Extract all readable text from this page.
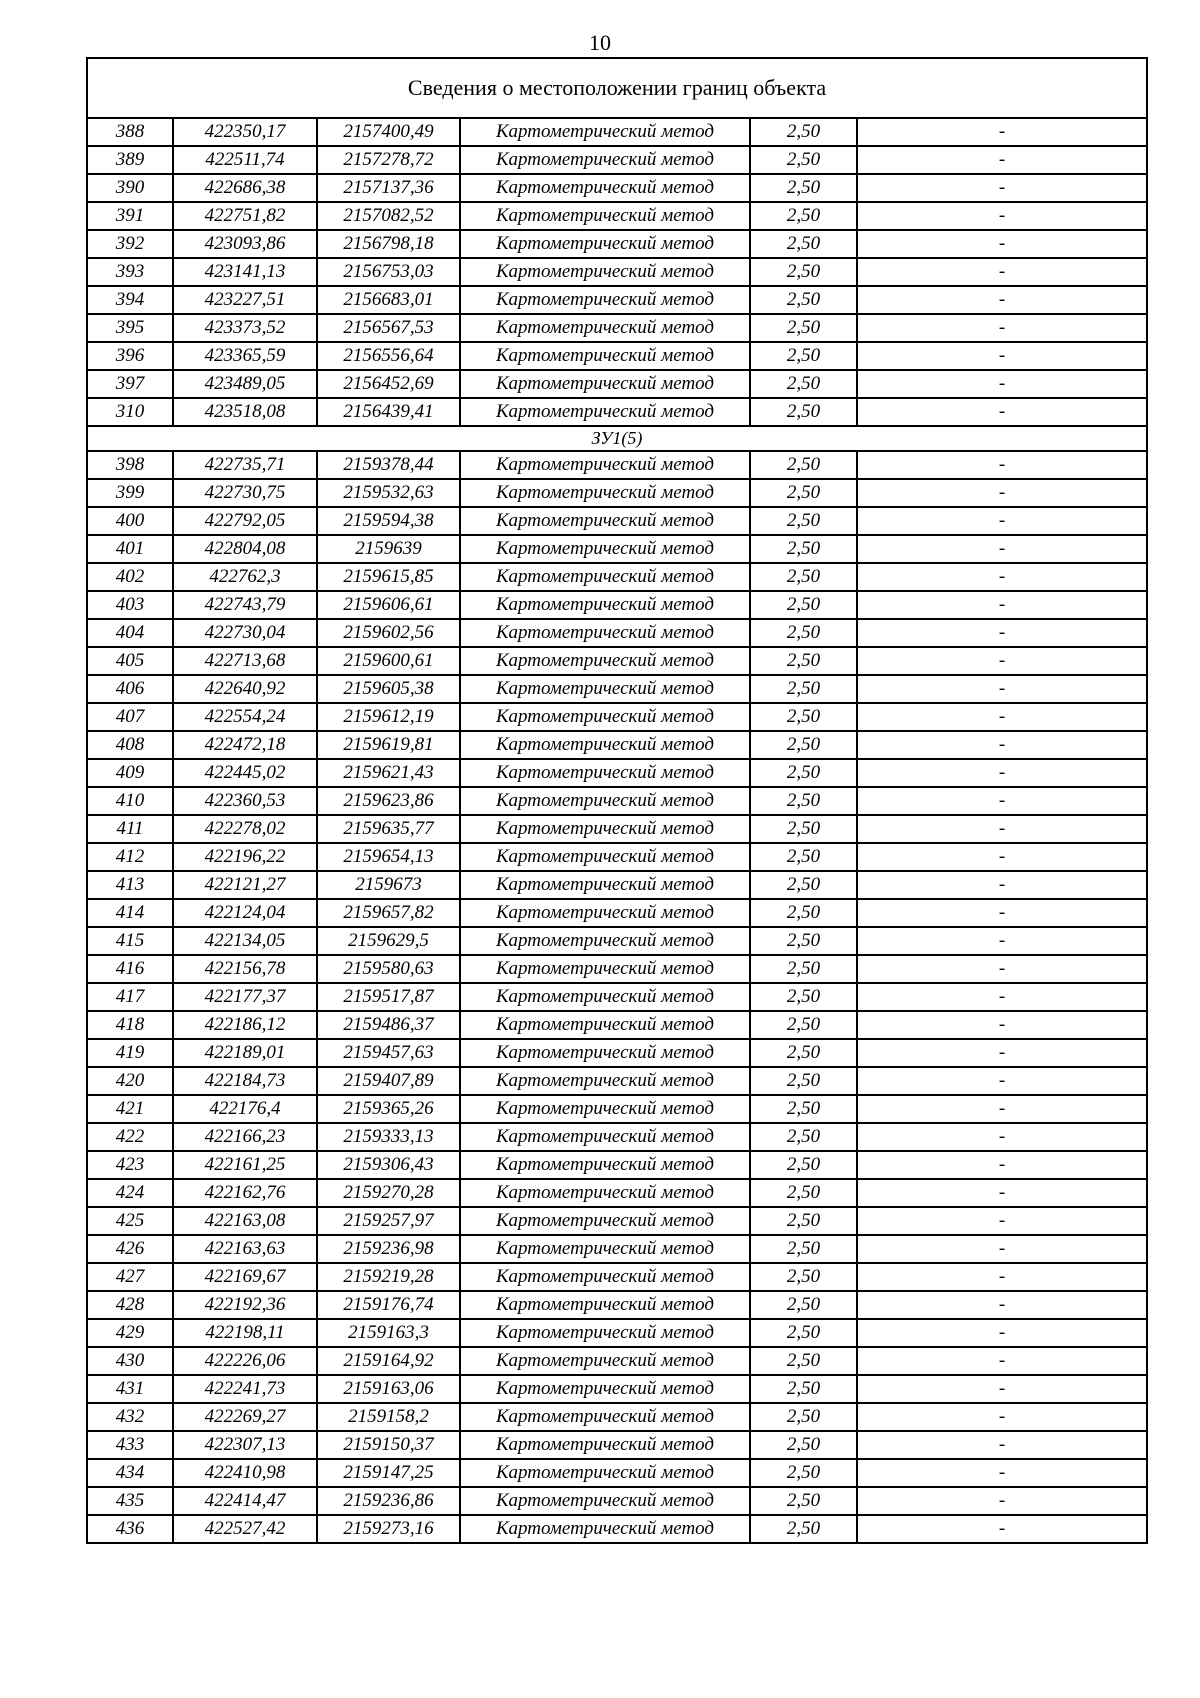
10
Сведения о местоположении границ объекта					
388	422350,17	2157400,49	Картометрический метод	2,50	-
389	422511,74	2157278,72	Картометрический метод	2,50	-
390	422686,38	2157137,36	Картометрический метод	2,50	-
391	422751,82	2157082,52	Картометрический метод	2,50	-
392	423093,86	2156798,18	Картометрический метод	2,50	-
393	423141,13	2156753,03	Картометрический метод	2,50	-
394	423227,51	2156683,01	Картометрический метод	2,50	-
395	423373,52	2156567,53	Картометрический метод	2,50	-
396	423365,59	2156556,64	Картометрический метод	2,50	-
397	423489,05	2156452,69	Картометрический метод	2,50	-
310	423518,08	2156439,41	Картометрический метод	2,50	-
ЗУ1(5)					
398	422735,71	2159378,44	Картометрический метод	2,50	-
399	422730,75	2159532,63	Картометрический метод	2,50	-
400	422792,05	2159594,38	Картометрический метод	2,50	-
401	422804,08	2159639	Картометрический метод	2,50	-
402	422762,3	2159615,85	Картометрический метод	2,50	-
403	422743,79	2159606,61	Картометрический метод	2,50	-
404	422730,04	2159602,56	Картометрический метод	2,50	-
405	422713,68	2159600,61	Картометрический метод	2,50	-
406	422640,92	2159605,38	Картометрический метод	2,50	-
407	422554,24	2159612,19	Картометрический метод	2,50	-
408	422472,18	2159619,81	Картометрический метод	2,50	-
409	422445,02	2159621,43	Картометрический метод	2,50	-
410	422360,53	2159623,86	Картометрический метод	2,50	-
411	422278,02	2159635,77	Картометрический метод	2,50	-
412	422196,22	2159654,13	Картометрический метод	2,50	-
413	422121,27	2159673	Картометрический метод	2,50	-
414	422124,04	2159657,82	Картометрический метод	2,50	-
415	422134,05	2159629,5	Картометрический метод	2,50	-
416	422156,78	2159580,63	Картометрический метод	2,50	-
417	422177,37	2159517,87	Картометрический метод	2,50	-
418	422186,12	2159486,37	Картометрический метод	2,50	-
419	422189,01	2159457,63	Картометрический метод	2,50	-
420	422184,73	2159407,89	Картометрический метод	2,50	-
421	422176,4	2159365,26	Картометрический метод	2,50	-
422	422166,23	2159333,13	Картометрический метод	2,50	-
423	422161,25	2159306,43	Картометрический метод	2,50	-
424	422162,76	2159270,28	Картометрический метод	2,50	-
425	422163,08	2159257,97	Картометрический метод	2,50	-
426	422163,63	2159236,98	Картометрический метод	2,50	-
427	422169,67	2159219,28	Картометрический метод	2,50	-
428	422192,36	2159176,74	Картометрический метод	2,50	-
429	422198,11	2159163,3	Картометрический метод	2,50	-
430	422226,06	2159164,92	Картометрический метод	2,50	-
431	422241,73	2159163,06	Картометрический метод	2,50	-
432	422269,27	2159158,2	Картометрический метод	2,50	-
433	422307,13	2159150,37	Картометрический метод	2,50	-
434	422410,98	2159147,25	Картометрический метод	2,50	-
435	422414,47	2159236,86	Картометрический метод	2,50	-
436	422527,42	2159273,16	Картометрический метод	2,50	-
